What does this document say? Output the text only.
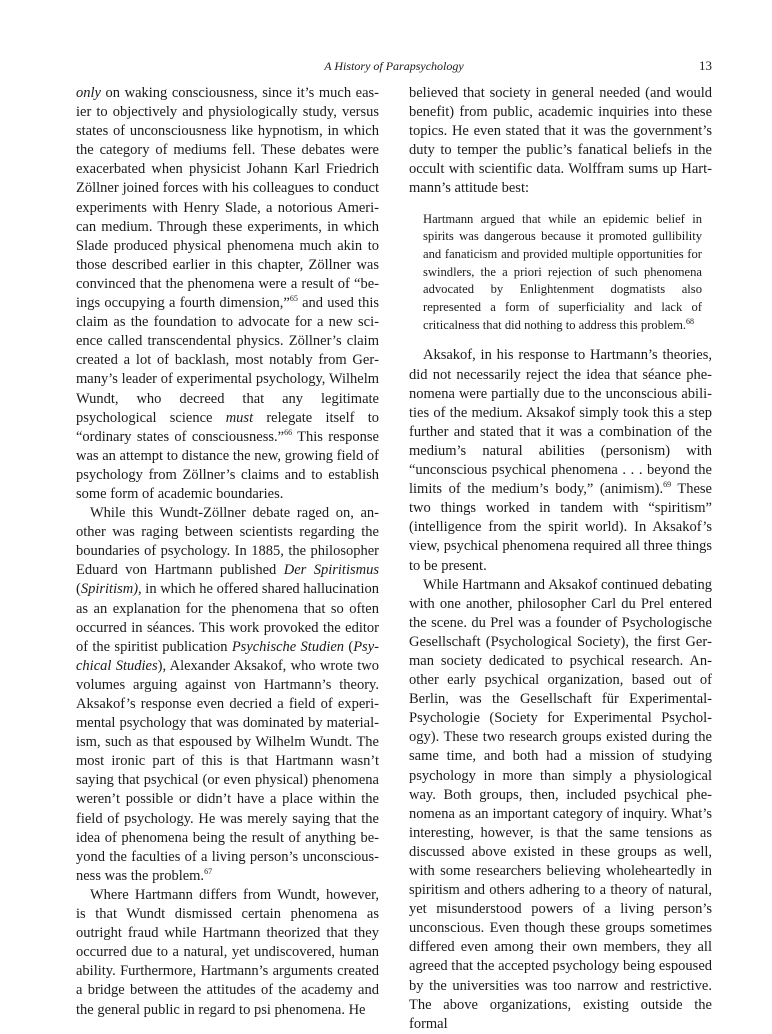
A History of Parapsychology	13

only on waking consciousness, since it’s much easier to objectively and physiologically study, versus states of unconsciousness like hypnotism, in which the category of mediums fell. These debates were exacerbated when physicist Johann Karl Friedrich Zöllner joined forces with his colleagues to conduct experiments with Henry Slade, a notorious American medium. Through these experiments, in which Slade produced physical phenomena much akin to those described earlier in this chapter, Zöllner was convinced that the phenomena were a result of “beings occupying a fourth dimension,”$^{65}$ and used this claim as the foundation to advocate for a new science called transcendental physics. Zöllner’s claim created a lot of backlash, most notably from Germany’s leader of experimental psychology, Wilhelm Wundt, who decreed that any legitimate psychological science must relegate itself to “ordinary states of consciousness.”$^{66}$ This response was an attempt to distance the new, growing field of psychology from Zöllner’s claims and to establish some form of academic boundaries.

While this Wundt-Zöllner debate raged on, another was raging between scientists regarding the boundaries of psychology. In 1885, the philosopher Eduard von Hartmann published Der Spiritismus (Spiritism), in which he offered shared hallucination as an explanation for the phenomena that so often occurred in séances. This work provoked the editor of the spiritist publication Psychische Studien (Psychical Studies), Alexander Aksakof, who wrote two volumes arguing against von Hartmann’s theory. Aksakof’s response even decried a field of experimental psychology that was dominated by materialism, such as that espoused by Wilhelm Wundt. The most ironic part of this is that Hartmann wasn’t saying that psychical (or even physical) phenomena weren’t possible or didn’t have a place within the field of psychology. He was merely saying that the idea of phenomena being the result of anything beyond the faculties of a living person’s unconsciousness was the problem.$^{67}$

Where Hartmann differs from Wundt, however, is that Wundt dismissed certain phenomena as outright fraud while Hartmann theorized that they occurred due to a natural, yet undiscovered, human ability. Furthermore, Hartmann’s arguments created a bridge between the attitudes of the academy and the general public in regard to psi phenomena. He

believed that society in general needed (and would benefit) from public, academic inquiries into these topics. He even stated that it was the government’s duty to temper the public’s fanatical beliefs in the occult with scientific data. Wolffram sums up Hartmann’s attitude best:

Hartmann argued that while an epidemic belief in spirits was dangerous because it promoted gullibility and fanaticism and provided multiple opportunities for swindlers, the a priori rejection of such phenomena advocated by Enlightenment dogmatists also represented a form of superficiality and lack of criticalness that did nothing to address this problem.$^{68}$

Aksakof, in his response to Hartmann’s theories, did not necessarily reject the idea that séance phenomena were partially due to the unconscious abilities of the medium. Aksakof simply took this a step further and stated that it was a combination of the medium’s natural abilities (personism) with “unconscious psychical phenomena . . . beyond the limits of the medium’s body,” (animism).$^{69}$ These two things worked in tandem with “spiritism” (intelligence from the spirit world). In Aksakof’s view, psychical phenomena required all three things to be present.

While Hartmann and Aksakof continued debating with one another, philosopher Carl du Prel entered the scene. du Prel was a founder of Psychologische Gesellschaft (Psychological Society), the first German society dedicated to psychical research. Another early psychical organization, based out of Berlin, was the Gesellschaft für Experimental-Psychologie (Society for Experimental Psychology). These two research groups existed during the same time, and both had a mission of studying psychology in more than simply a physiological way. Both groups, then, included psychical phenomena as an important category of inquiry. What’s interesting, however, is that the same tensions as discussed above existed in these groups as well, with some researchers believing wholeheartedly in spiritism and others adhering to a theory of natural, yet misunderstood powers of a living person’s unconscious. Even though these groups sometimes differed even among their own members, they all agreed that the accepted psychology being espoused by the universities was too narrow and restrictive. The above organizations, existing outside the formal
